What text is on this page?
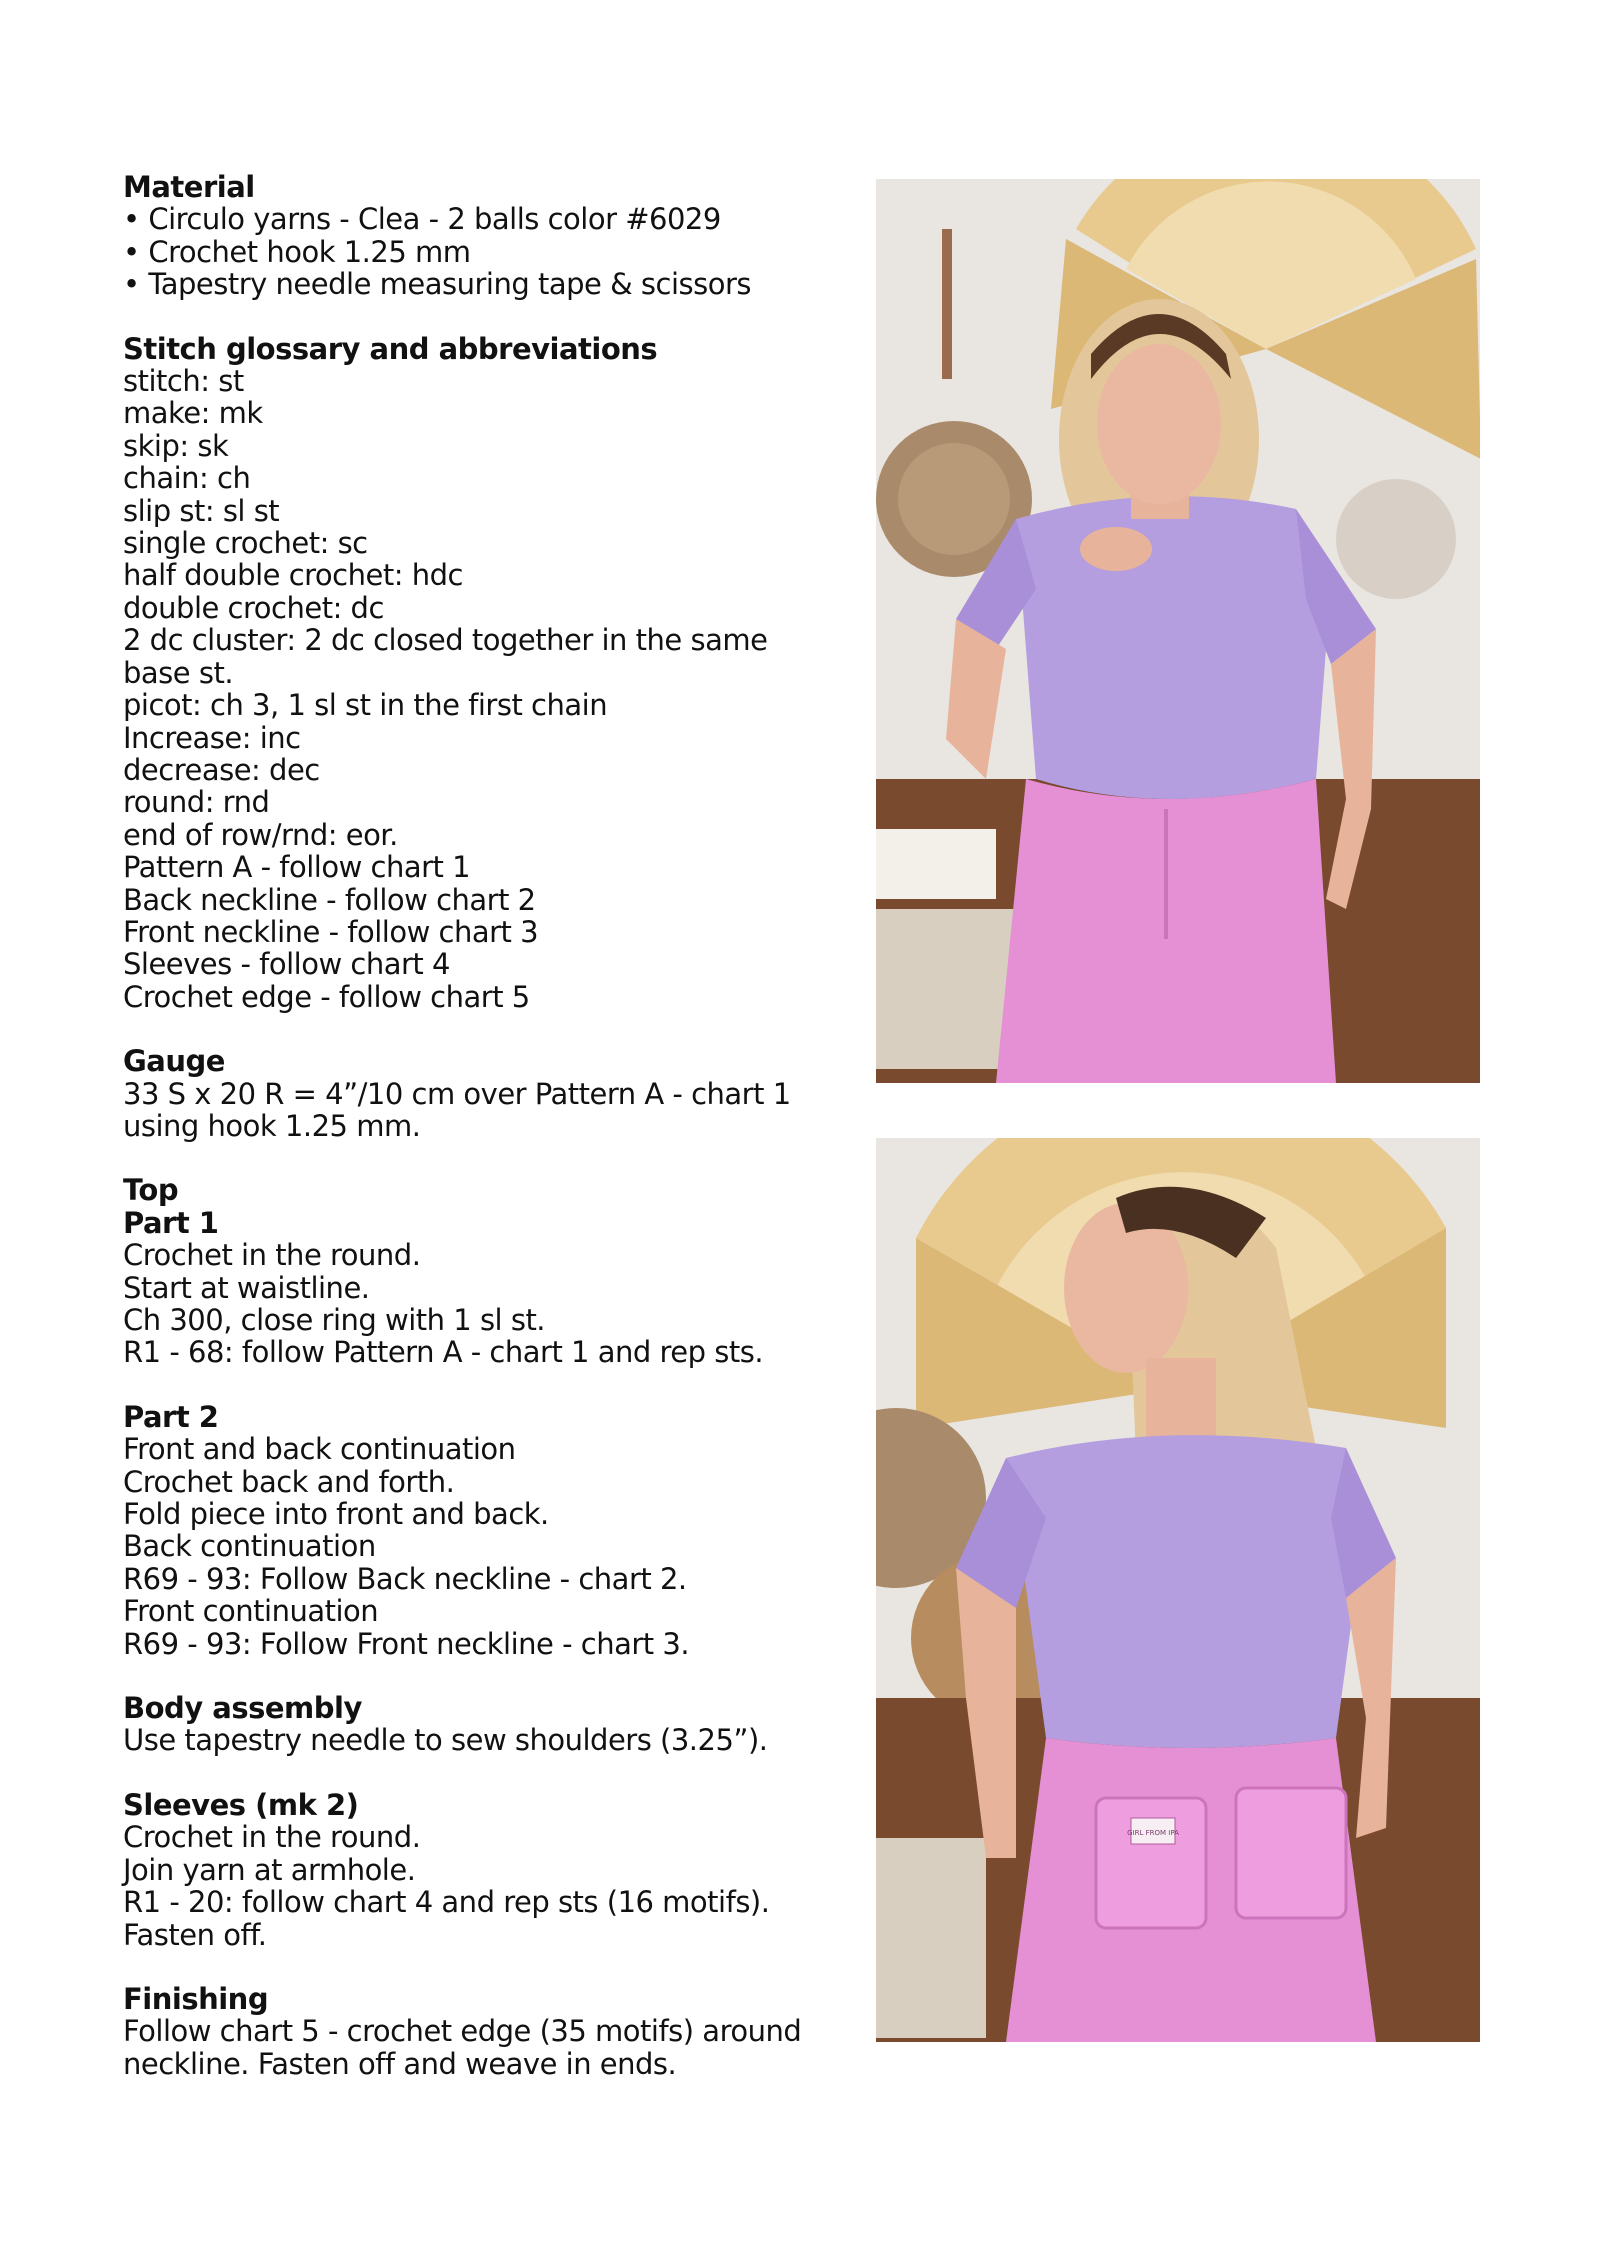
Material
• Circulo yarns - Clea - 2 balls color #6029
• Crochet hook 1.25 mm
• Tapestry needle measuring tape & scissors
Stitch glossary and abbreviations
stitch: st
make: mk
skip: sk
chain: ch
slip st: sl st
single crochet: sc
half double crochet: hdc
double crochet: dc
2 dc cluster: 2 dc closed together in the same base st.
picot: ch 3, 1 sl st in the first chain
Increase: inc
decrease: dec
round: rnd
end of row/rnd: eor.
Pattern A - follow chart 1
Back neckline - follow chart 2
Front neckline - follow chart 3
Sleeves - follow chart 4
Crochet edge - follow chart 5
Gauge
33 S x 20 R = 4”/10 cm over Pattern A - chart 1 using hook 1.25 mm.
Top
Part 1
Crochet in the round.
Start at waistline.
Ch 300, close ring with 1 sl st.
R1 - 68: follow Pattern A - chart 1 and rep sts.
Part 2
Front and back continuation
Crochet back and forth.
Fold piece into front and back.
Back continuation
R69 - 93: Follow Back neckline - chart 2.
Front continuation
R69 - 93: Follow Front neckline - chart 3.
Body assembly
Use tapestry needle to sew shoulders (3.25”).
Sleeves (mk 2)
Crochet in the round.
Join yarn at armhole.
R1 - 20: follow chart 4 and rep sts (16 motifs).
Fasten off.
Finishing
Follow chart 5 - crochet edge (35 motifs) around neckline. Fasten off and weave in ends.
GIRL FROM IPA
